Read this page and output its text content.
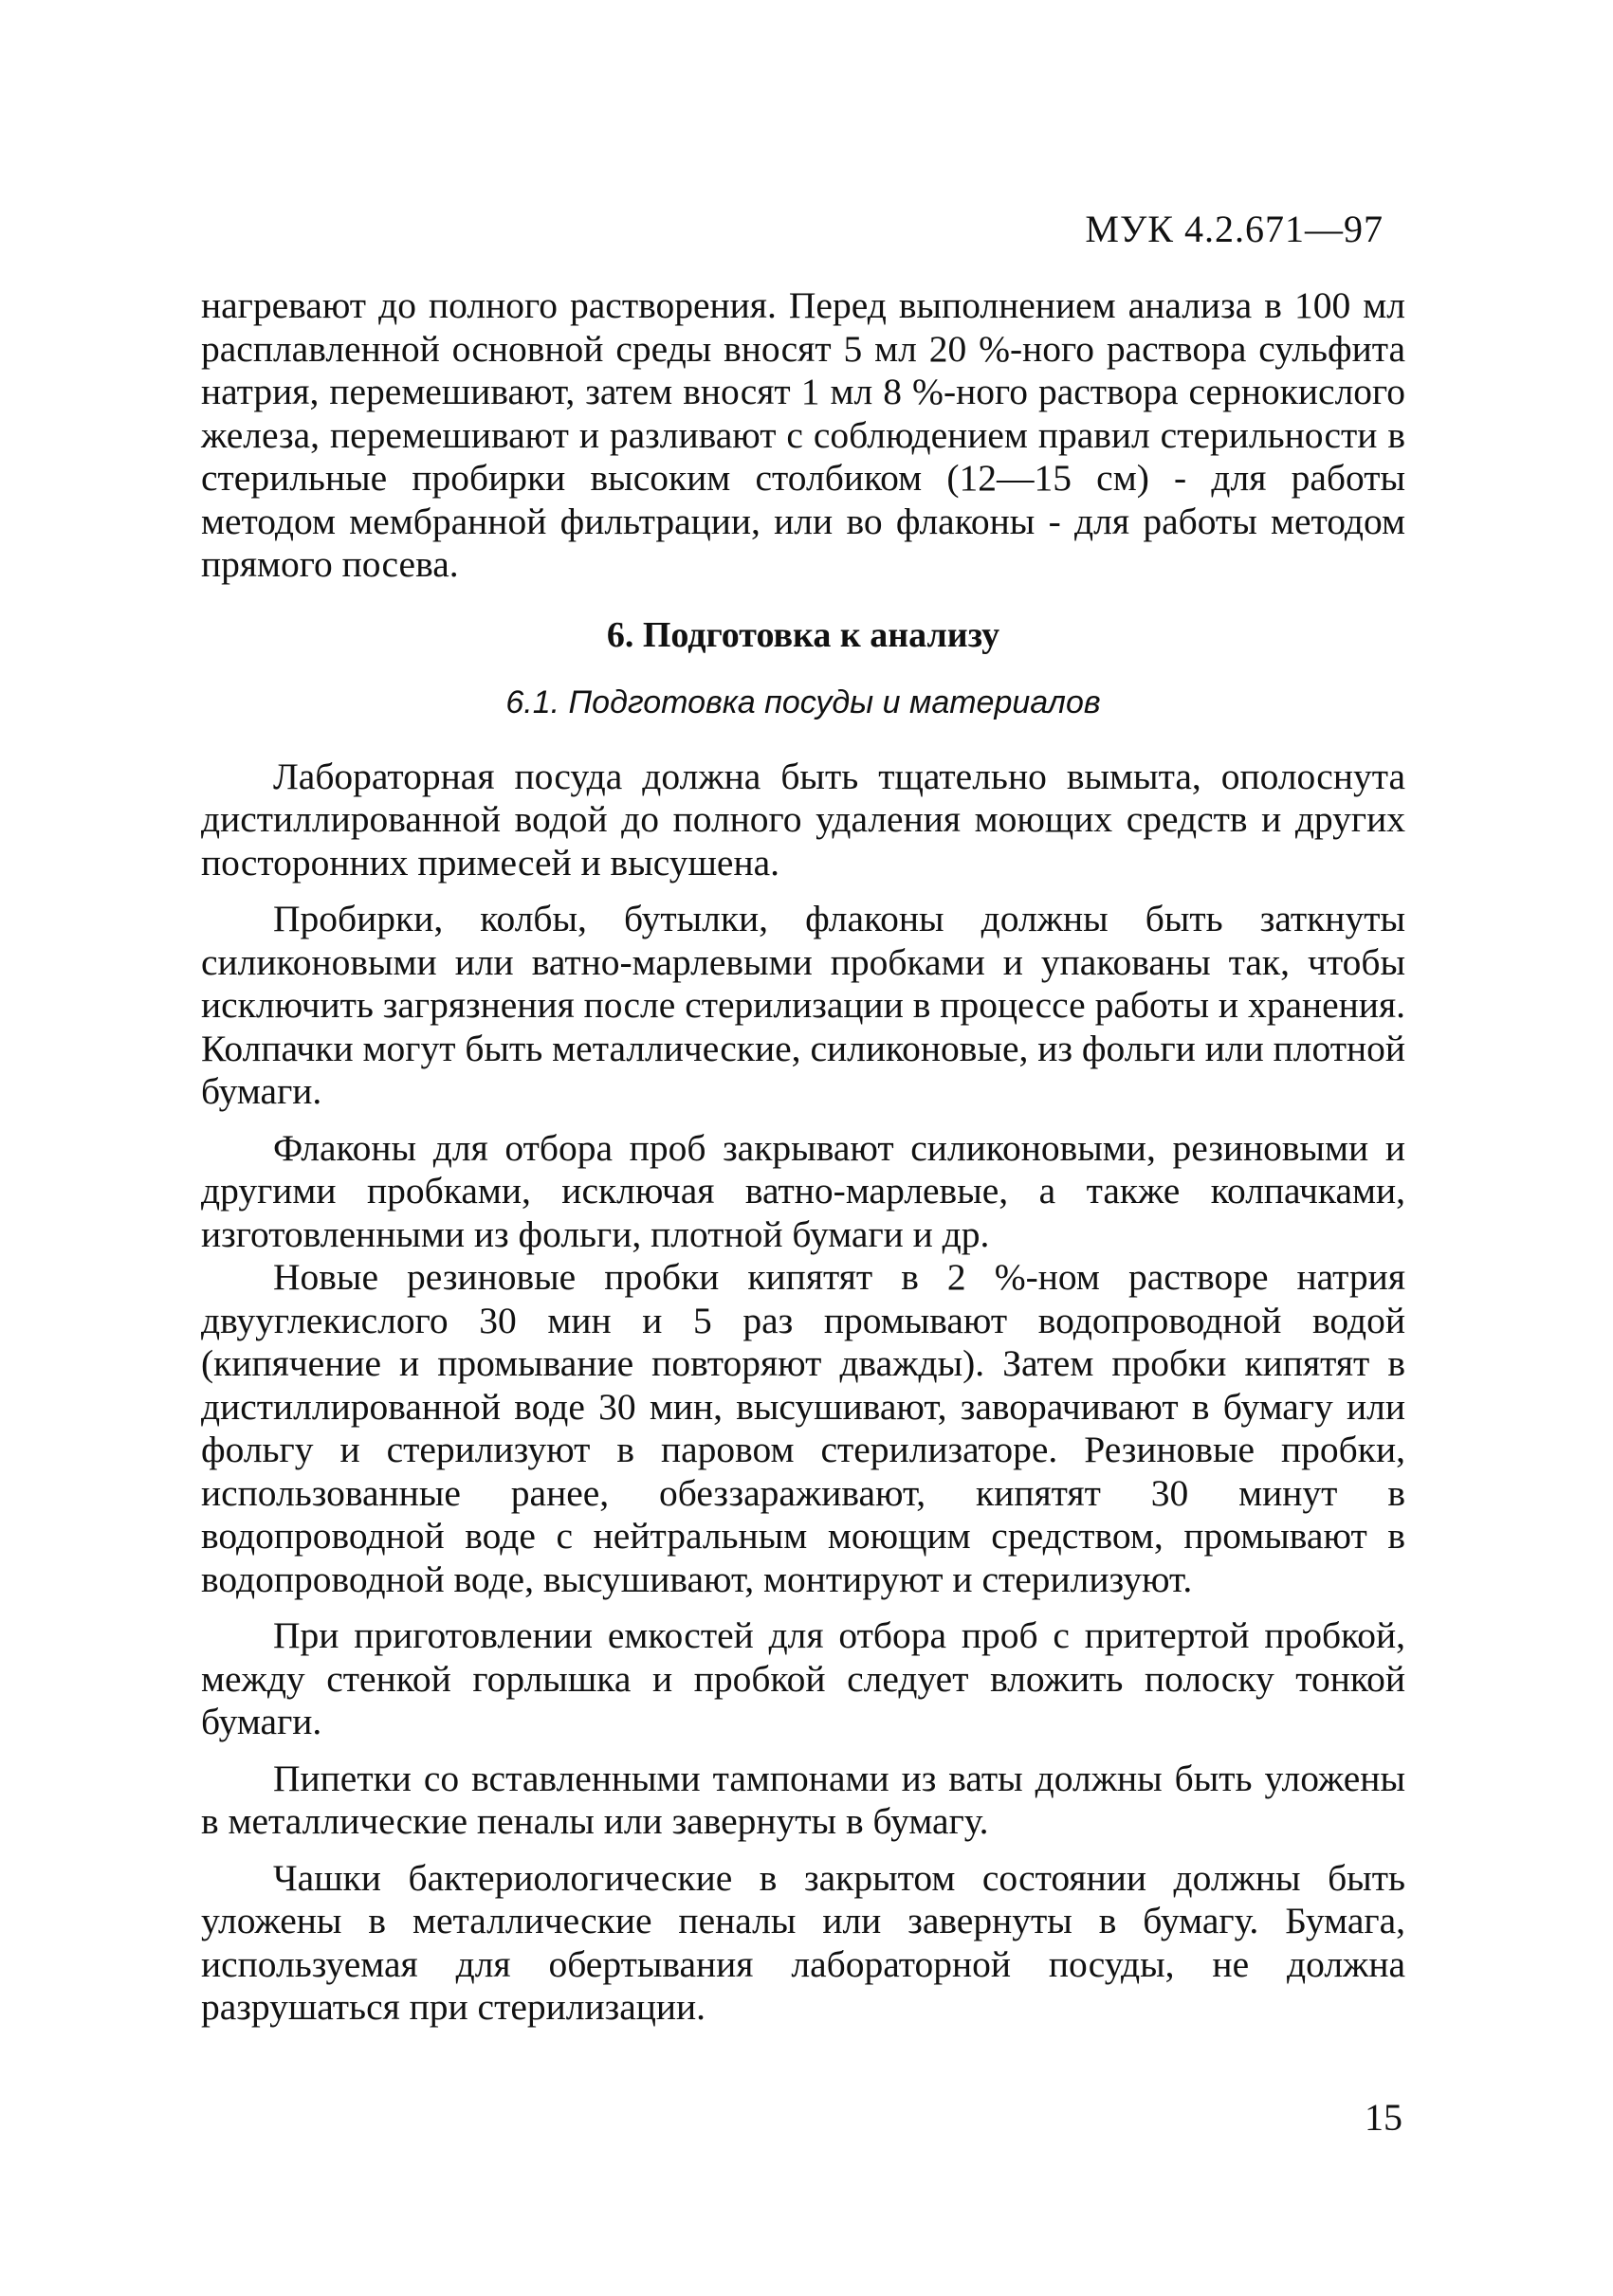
МУК 4.2.671—97

нагревают до полного растворения. Перед выполнением анализа в 100 мл расплавленной основной среды вносят 5 мл 20 %-ного раствора сульфита натрия, перемешивают, затем вносят 1 мл 8 %-ного раствора сернокислого железа, перемешивают и разливают с соблюдением правил стерильности в стерильные пробирки высоким столбиком (12—15 см) - для работы методом мембранной фильтрации, или во флаконы - для работы методом прямого посева.

6. Подготовка к анализу

6.1. Подготовка посуды и материалов

Лабораторная посуда должна быть тщательно вымыта, ополоснута дистиллированной водой до полного удаления моющих средств и других посторонних примесей и высушена.

Пробирки, колбы, бутылки, флаконы должны быть заткнуты силиконовыми или ватно-марлевыми пробками и упакованы так, чтобы исключить загрязнения после стерилизации в процессе работы и хранения. Колпачки могут быть металлические, силиконовые, из фольги или плотной бумаги.

Флаконы для отбора проб закрывают силиконовыми, резиновыми и другими пробками, исключая ватно-марлевые, а также колпачками, изготовленными из фольги, плотной бумаги и др.

Новые резиновые пробки кипятят в 2 %-ном растворе натрия двууглекислого 30 мин и 5 раз промывают водопроводной водой (кипячение и промывание повторяют дважды). Затем пробки кипятят в дистиллированной воде 30 мин, высушивают, заворачивают в бумагу или фольгу и стерилизуют в паровом стерилизаторе. Резиновые пробки, использованные ранее, обеззараживают, кипятят 30 минут в водопроводной воде с нейтральным моющим средством, промывают в водопроводной воде, высушивают, монтируют и стерилизуют.

При приготовлении емкостей для отбора проб с притертой пробкой, между стенкой горлышка и пробкой следует вложить полоску тонкой бумаги.

Пипетки со вставленными тампонами из ваты должны быть уложены в металлические пеналы или завернуты в бумагу.

Чашки бактериологические в закрытом состоянии должны быть уложены в металлические пеналы или завернуты в бумагу. Бумага, используемая для обертывания лабораторной посуды, не должна разрушаться при стерилизации.

15
